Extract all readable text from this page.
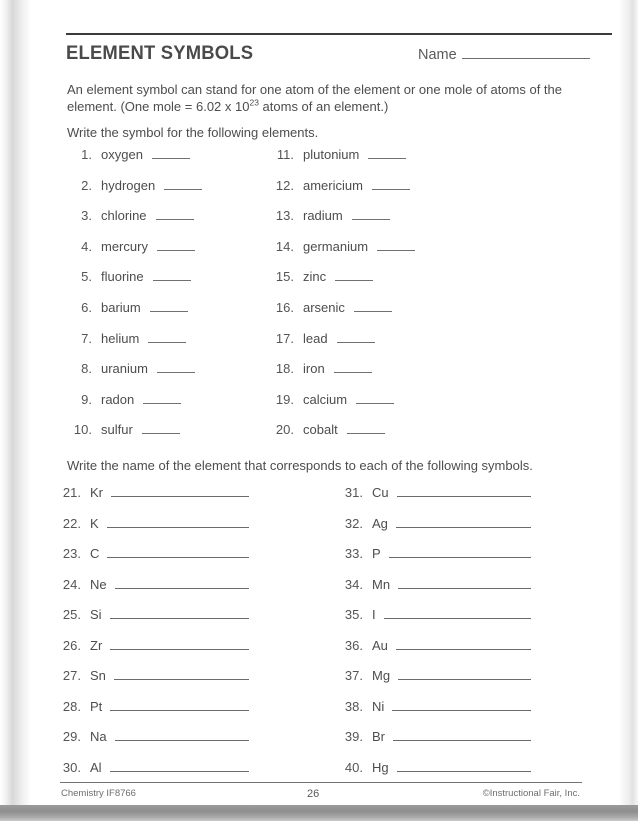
ELEMENT SYMBOLS	Name
An element symbol can stand for one atom of the element or one mole of atoms of the element. (One mole = 6.02 x $10^{23}$ atoms of an element.)
Write the symbol for the following elements.
Write the name of the element that corresponds to each of the following symbols.
1. oxygen
2. hydrogen
3. chlorine
4. mercury
5. fluorine
6. barium
7. helium
8. uranium
9. radon
10. sulfur
11. plutonium
12. americium
13. radium
14. germanium
15. zinc
16. arsenic
17. lead
18. iron
19. calcium
20. cobalt
21. Kr
22. K
23. C
24. Ne
25. Si
26. Zr
27. Sn
28. Pt
29. Na
30. Al
31. Cu
32. Ag
33. P
34. Mn
35. I
36. Au
37. Mg
38. Ni
39. Br
40. Hg
Chemistry IF8766	26	©Instructional Fair, Inc.
